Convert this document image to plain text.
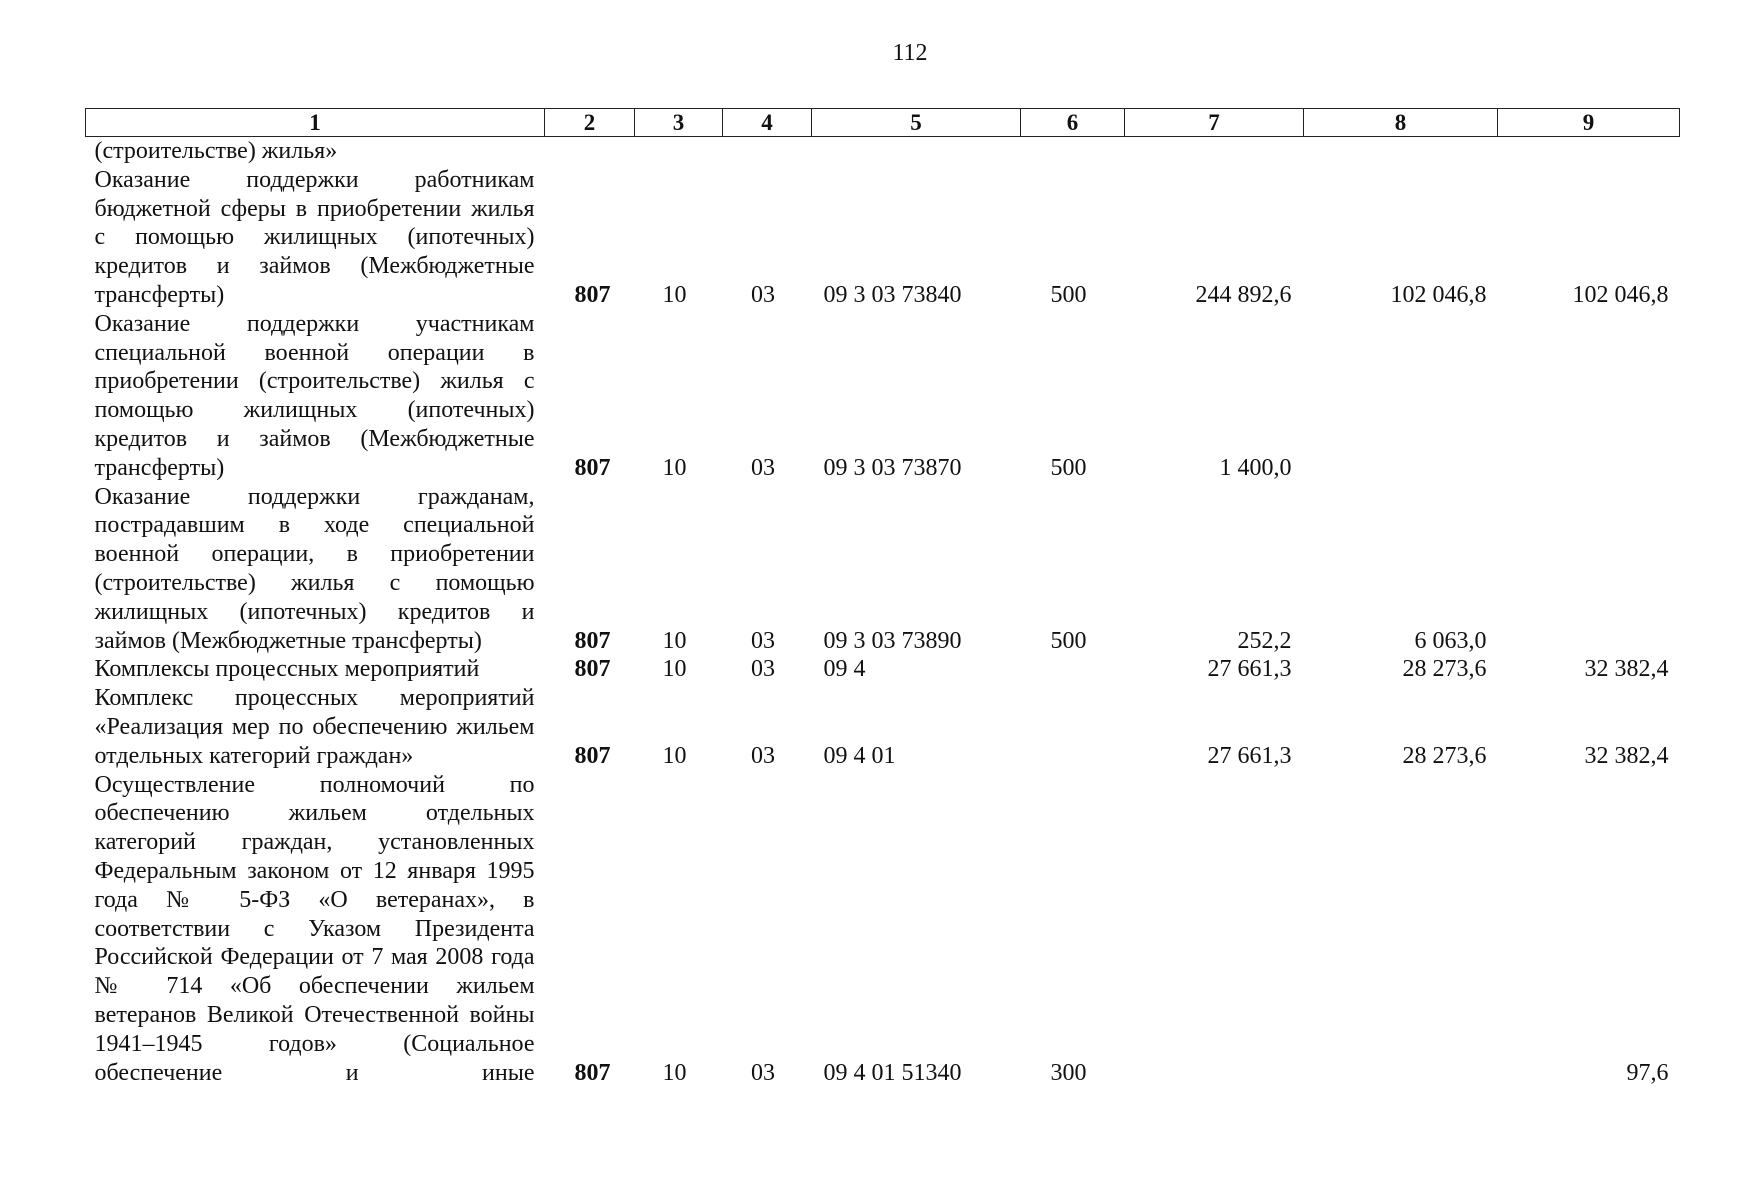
112
1	2	3	4	5	6	7	8	9
(строительстве) жилья»								
Оказание поддержки работникам бюджетной сферы в приобретении жилья с помощью жилищных (ипотечных) кредитов и займов (Межбюджетные трансферты)	807	10	03	09 3 03 73840	500	244 892,6	102 046,8	102 046,8
Оказание поддержки участникам специальной военной операции в приобретении (строительстве) жилья с помощью жилищных (ипотечных) кредитов и займов (Межбюджетные трансферты)	807	10	03	09 3 03 73870	500	1 400,0		
Оказание поддержки гражданам, пострадавшим в ходе специальной военной операции, в приобретении (строительстве) жилья с помощью жилищных (ипотечных) кредитов и займов (Межбюджетные трансферты)	807	10	03	09 3 03 73890	500	252,2	6 063,0	
Комплексы процессных мероприятий	807	10	03	09 4		27 661,3	28 273,6	32 382,4
Комплекс процессных мероприятий «Реализация мер по обеспечению жильем отдельных категорий граждан»	807	10	03	09 4 01		27 661,3	28 273,6	32 382,4
Осуществление полномочий по обеспечению жильем отдельных категорий граждан, установленных Федеральным законом от 12 января 1995 года № 5-ФЗ «О ветеранах», в соответствии с Указом Президента Российской Федерации от 7 мая 2008 года № 714 «Об обеспечении жильем ветеранов Великой Отечественной войны 1941–1945 годов» (Социальное обеспечение и иные	807	10	03	09 4 01 51340	300			97,6
